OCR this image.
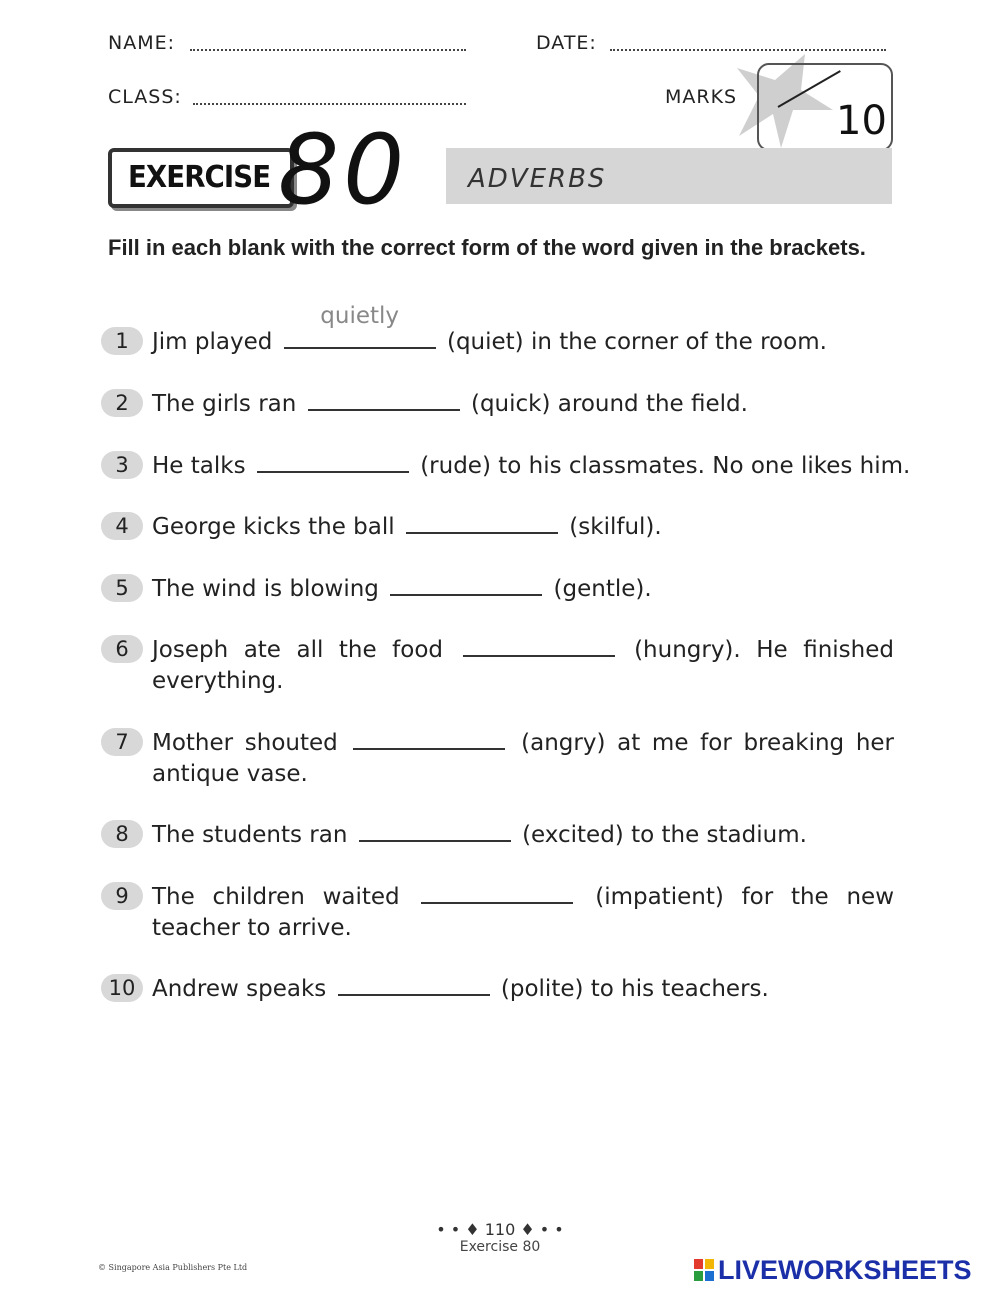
NAME:	DATE:
CLASS:	MARKS
10
EXERCISE 80 ADVERBS
Fill in each blank with the correct form of the word given in the brackets.
1	Jim played
quietly
(quiet) in the corner of the room.
2	The girls ran	(quick) around the field.
3	He talks	(rude) to his classmates. No one likes him.
4	George kicks the ball	(skilful).
5	The wind is blowing	(gentle).
6	Joseph ate all the food	(hungry). He finished everything.
7	Mother shouted	(angry) at me for breaking her antique vase.
8	The students ran	(excited) to the stadium.
9	The children waited	(impatient) for the new teacher to arrive.
10 Andrew speaks	(polite) to his teachers.
• • ♦ 110 ♦ • •
Exercise 80
© Singapore Asia Publishers Pte Ltd	LIVEWORKSHEETS
